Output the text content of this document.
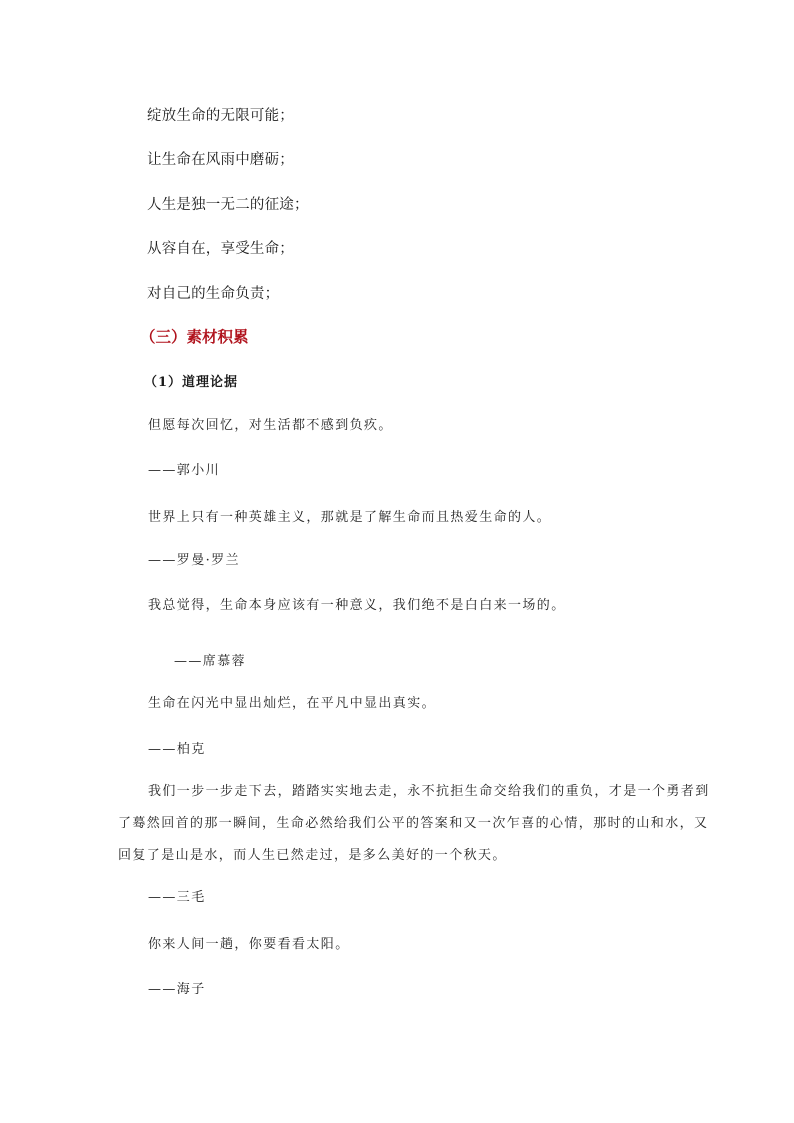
绽放生命的无限可能；
让生命在风雨中磨砺；
人生是独一无二的征途；
从容自在，享受生命；
对自己的生命负责；
（三）素材积累
（1）道理论据
但愿每次回忆，对生活都不感到负疚。
——郭小川
世界上只有一种英雄主义，那就是了解生命而且热爱生命的人。
——罗曼·罗兰
我总觉得，生命本身应该有一种意义，我们绝不是白白来一场的。
——席慕蓉
生命在闪光中显出灿烂，在平凡中显出真实。
——柏克
我们一步一步走下去，踏踏实实地去走，永不抗拒生命交给我们的重负，才是一个勇者到
了蓦然回首的那一瞬间，生命必然给我们公平的答案和又一次乍喜的心情，那时的山和水，又
回复了是山是水，而人生已然走过，是多么美好的一个秋天。
——三毛
你来人间一趟，你要看看太阳。
——海子
